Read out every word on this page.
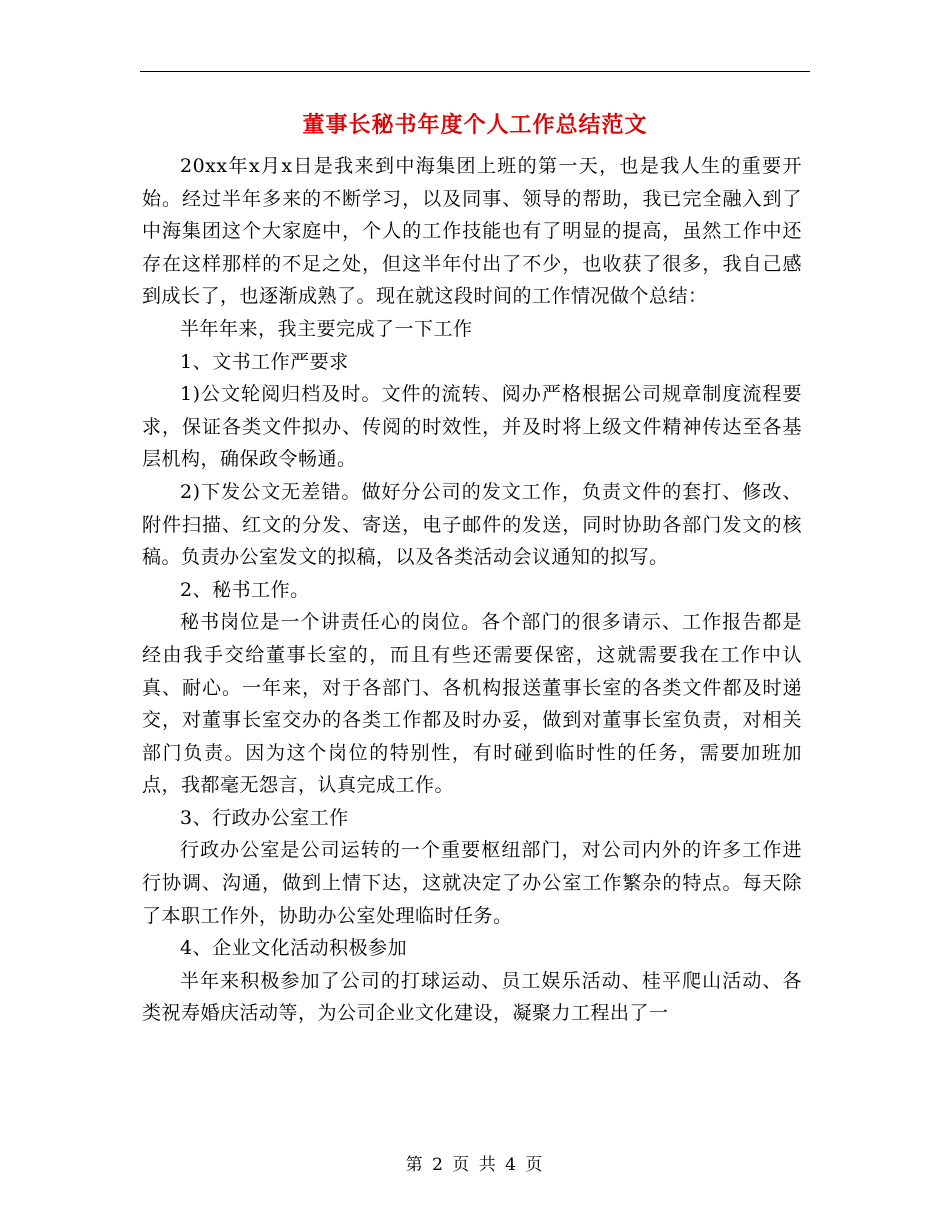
董事长秘书年度个人工作总结范文

20xx年x月x日是我来到中海集团上班的第一天，也是我人生的重要开始。经过半年多来的不断学习，以及同事、领导的帮助，我已完全融入到了中海集团这个大家庭中，个人的工作技能也有了明显的提高，虽然工作中还存在这样那样的不足之处，但这半年付出了不少，也收获了很多，我自己感到成长了，也逐渐成熟了。现在就这段时间的工作情况做个总结：

半年年来，我主要完成了一下工作

1、文书工作严要求

1)公文轮阅归档及时。文件的流转、阅办严格根据公司规章制度流程要求，保证各类文件拟办、传阅的时效性，并及时将上级文件精神传达至各基层机构，确保政令畅通。

2)下发公文无差错。做好分公司的发文工作，负责文件的套打、修改、附件扫描、红文的分发、寄送，电子邮件的发送，同时协助各部门发文的核稿。负责办公室发文的拟稿，以及各类活动会议通知的拟写。

2、秘书工作。

秘书岗位是一个讲责任心的岗位。各个部门的很多请示、工作报告都是经由我手交给董事长室的，而且有些还需要保密，这就需要我在工作中认真、耐心。一年来，对于各部门、各机构报送董事长室的各类文件都及时递交，对董事长室交办的各类工作都及时办妥，做到对董事长室负责，对相关部门负责。因为这个岗位的特别性，有时碰到临时性的任务，需要加班加点，我都毫无怨言，认真完成工作。

3、行政办公室工作

行政办公室是公司运转的一个重要枢纽部门，对公司内外的许多工作进行协调、沟通，做到上情下达，这就决定了办公室工作繁杂的特点。每天除了本职工作外，协助办公室处理临时任务。

4、企业文化活动积极参加

半年来积极参加了公司的打球运动、员工娱乐活动、桂平爬山活动、各类祝寿婚庆活动等，为公司企业文化建设，凝聚力工程出了一

第 2 页 共 4 页
